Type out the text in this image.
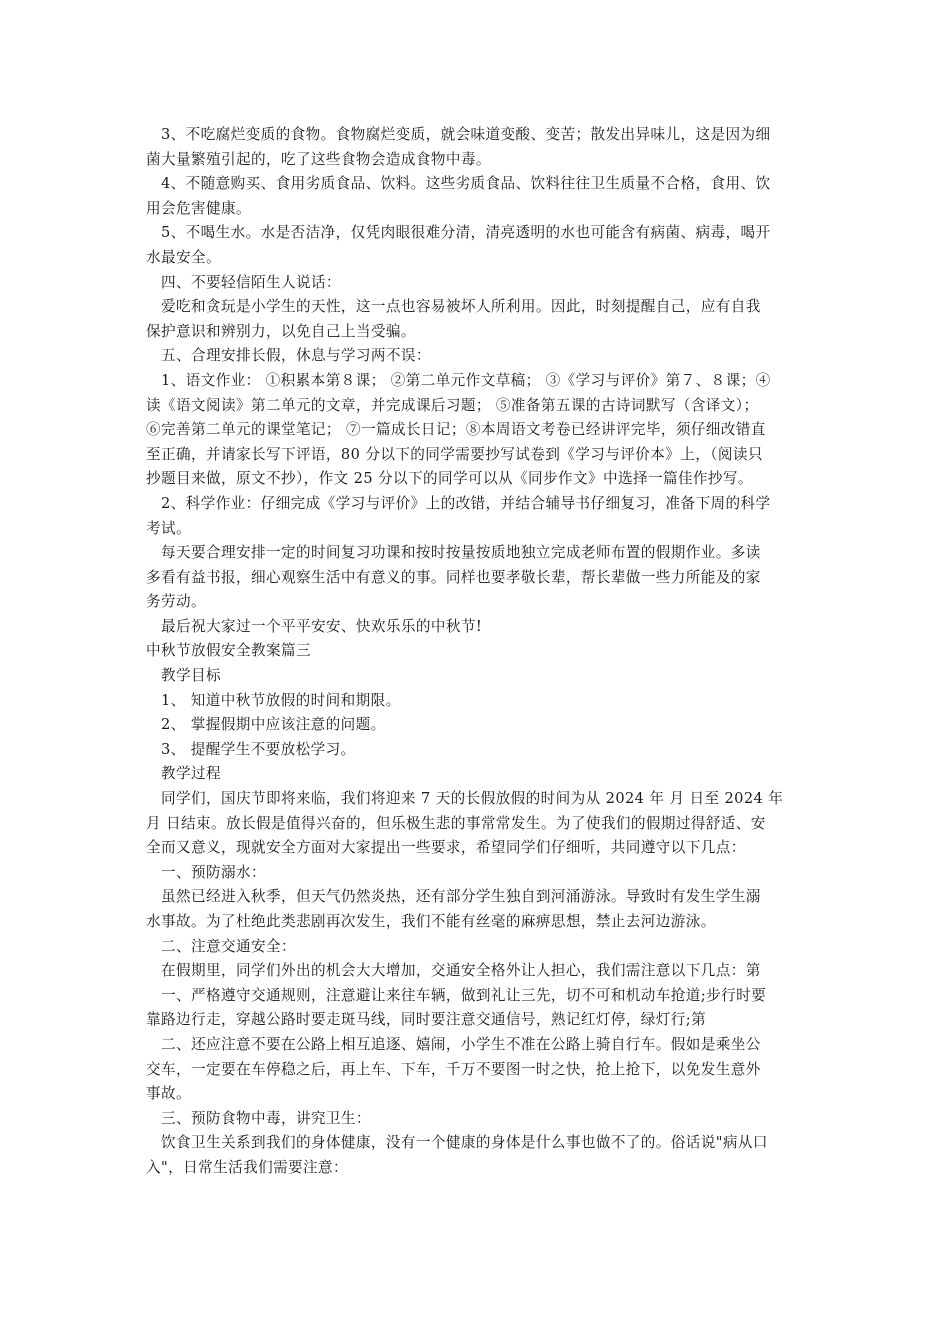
3、不吃腐烂变质的食物。食物腐烂变质，就会味道变酸、变苦；散发出异味儿，这是因为细
菌大量繁殖引起的，吃了这些食物会造成食物中毒。
4、不随意购买、食用劣质食品、饮料。这些劣质食品、饮料往往卫生质量不合格，食用、饮
用会危害健康。
5、不喝生水。水是否洁净，仅凭肉眼很难分清，清亮透明的水也可能含有病菌、病毒，喝开
水最安全。
四、不要轻信陌生人说话：
爱吃和贪玩是小学生的天性，这一点也容易被坏人所利用。因此，时刻提醒自己，应有自我
保护意识和辨别力，以免自己上当受骗。
五、合理安排长假，休息与学习两不误：
1、语文作业： ①积累本第８课； ②第二单元作文草稿； ③《学习与评价》第７、８课；④
读《语文阅读》第二单元的文章，并完成课后习题； ⑤准备第五课的古诗词默写（含译文）；
⑥完善第二单元的课堂笔记； ⑦一篇成长日记；⑧本周语文考卷已经讲评完毕，须仔细改错直
至正确，并请家长写下评语，80 分以下的同学需要抄写试卷到《学习与评价本》上，（阅读只
抄题目来做，原文不抄），作文 25 分以下的同学可以从《同步作文》中选择一篇佳作抄写。
2、科学作业：仔细完成《学习与评价》上的改错，并结合辅导书仔细复习，准备下周的科学
考试。
每天要合理安排一定的时间复习功课和按时按量按质地独立完成老师布置的假期作业。多读
多看有益书报，细心观察生活中有意义的事。同样也要孝敬长辈，帮长辈做一些力所能及的家
务劳动。
最后祝大家过一个平平安安、快欢乐乐的中秋节!
中秋节放假安全教案篇三
教学目标
1、 知道中秋节放假的时间和期限。
2、 掌握假期中应该注意的问题。
3、 提醒学生不要放松学习。
教学过程
同学们，国庆节即将来临，我们将迎来 7 天的长假放假的时间为从 2024 年 月 日至 2024 年
月 日结束。放长假是值得兴奋的，但乐极生悲的事常常发生。为了使我们的假期过得舒适、安
全而又意义，现就安全方面对大家提出一些要求，希望同学们仔细听，共同遵守以下几点：
一、预防溺水：
虽然已经进入秋季，但天气仍然炎热，还有部分学生独自到河涌游泳。导致时有发生学生溺
水事故。为了杜绝此类悲剧再次发生，我们不能有丝毫的麻痹思想，禁止去河边游泳。
二、注意交通安全：
在假期里，同学们外出的机会大大增加，交通安全格外让人担心，我们需注意以下几点：第
一、严格遵守交通规则，注意避让来往车辆，做到礼让三先，切不可和机动车抢道;步行时要
靠路边行走，穿越公路时要走斑马线，同时要注意交通信号，熟记红灯停，绿灯行;第
二、还应注意不要在公路上相互追逐、嬉闹，小学生不准在公路上骑自行车。假如是乘坐公
交车，一定要在车停稳之后，再上车、下车，千万不要图一时之快，抢上抢下，以免发生意外
事故。
三、预防食物中毒，讲究卫生：
饮食卫生关系到我们的身体健康，没有一个健康的身体是什么事也做不了的。俗话说"病从口
入"，日常生活我们需要注意：
